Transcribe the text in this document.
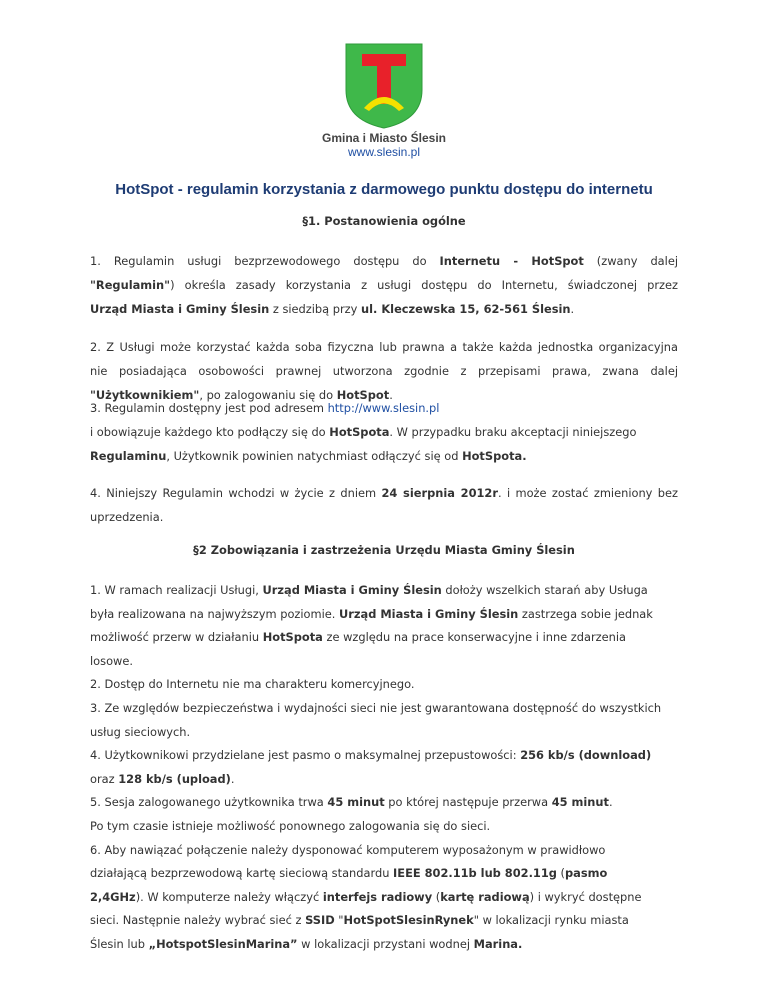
Gmina i Miasto Ślesin
www.slesin.pl
HotSpot - regulamin korzystania z darmowego punktu dostępu do internetu
§1. Postanowienia ogólne

1. Regulamin usługi bezprzewodowego dostępu do Internetu - HotSpot (zwany dalej
"Regulamin") określa zasady korzystania z usługi dostępu do Internetu, świadczonej przez
Urząd Miasta i Gminy Ślesin z siedzibą przy ul. Kleczewska 15, 62-561 Ślesin.

2. Z Usługi może korzystać każda soba fizyczna lub prawna a także każda jednostka organizacyjna
nie posiadająca osobowości prawnej utworzona zgodnie z przepisami prawa, zwana dalej
"Użytkownikiem", po zalogowaniu się do HotSpot.

3. Regulamin dostępny jest pod adresem http://www.slesin.pl
i obowiązuje każdego kto podłączy się do HotSpota. W przypadku braku akceptacji niniejszego
Regulaminu, Użytkownik powinien natychmiast odłączyć się od HotSpota.

4. Niniejszy Regulamin wchodzi w życie z dniem 24 sierpnia 2012r. i może zostać zmieniony bez
uprzedzenia.

§2 Zobowiązania i zastrzeżenia Urzędu Miasta Gminy Ślesin

1. W ramach realizacji Usługi, Urząd Miasta i Gminy Ślesin dołoży wszelkich starań aby Usługa
była realizowana na najwyższym poziomie. Urząd Miasta i Gminy Ślesin zastrzega sobie jednak
możliwość przerw w działaniu HotSpota ze względu na prace konserwacyjne i inne zdarzenia
losowe.
2. Dostęp do Internetu nie ma charakteru komercyjnego.
3. Ze względów bezpieczeństwa i wydajności sieci nie jest gwarantowana dostępność do wszystkich
usług sieciowych.
4. Użytkownikowi przydzielane jest pasmo o maksymalnej przepustowości: 256 kb/s (download)
oraz 128 kb/s (upload).
5. Sesja zalogowanego użytkownika trwa 45 minut po której następuje przerwa 45 minut.
Po tym czasie istnieje możliwość ponownego zalogowania się do sieci.
6. Aby nawiązać połączenie należy dysponować komputerem wyposażonym w prawidłowo
działającą bezprzewodową kartę sieciową standardu IEEE 802.11b lub 802.11g (pasmo
2,4GHz). W komputerze należy włączyć interfejs radiowy (kartę radiową) i wykryć dostępne
sieci. Następnie należy wybrać sieć z SSID "HotSpotSlesinRynek" w lokalizacji rynku miasta
Ślesin lub „HotspotSlesinMarina” w lokalizacji przystani wodnej Marina.
